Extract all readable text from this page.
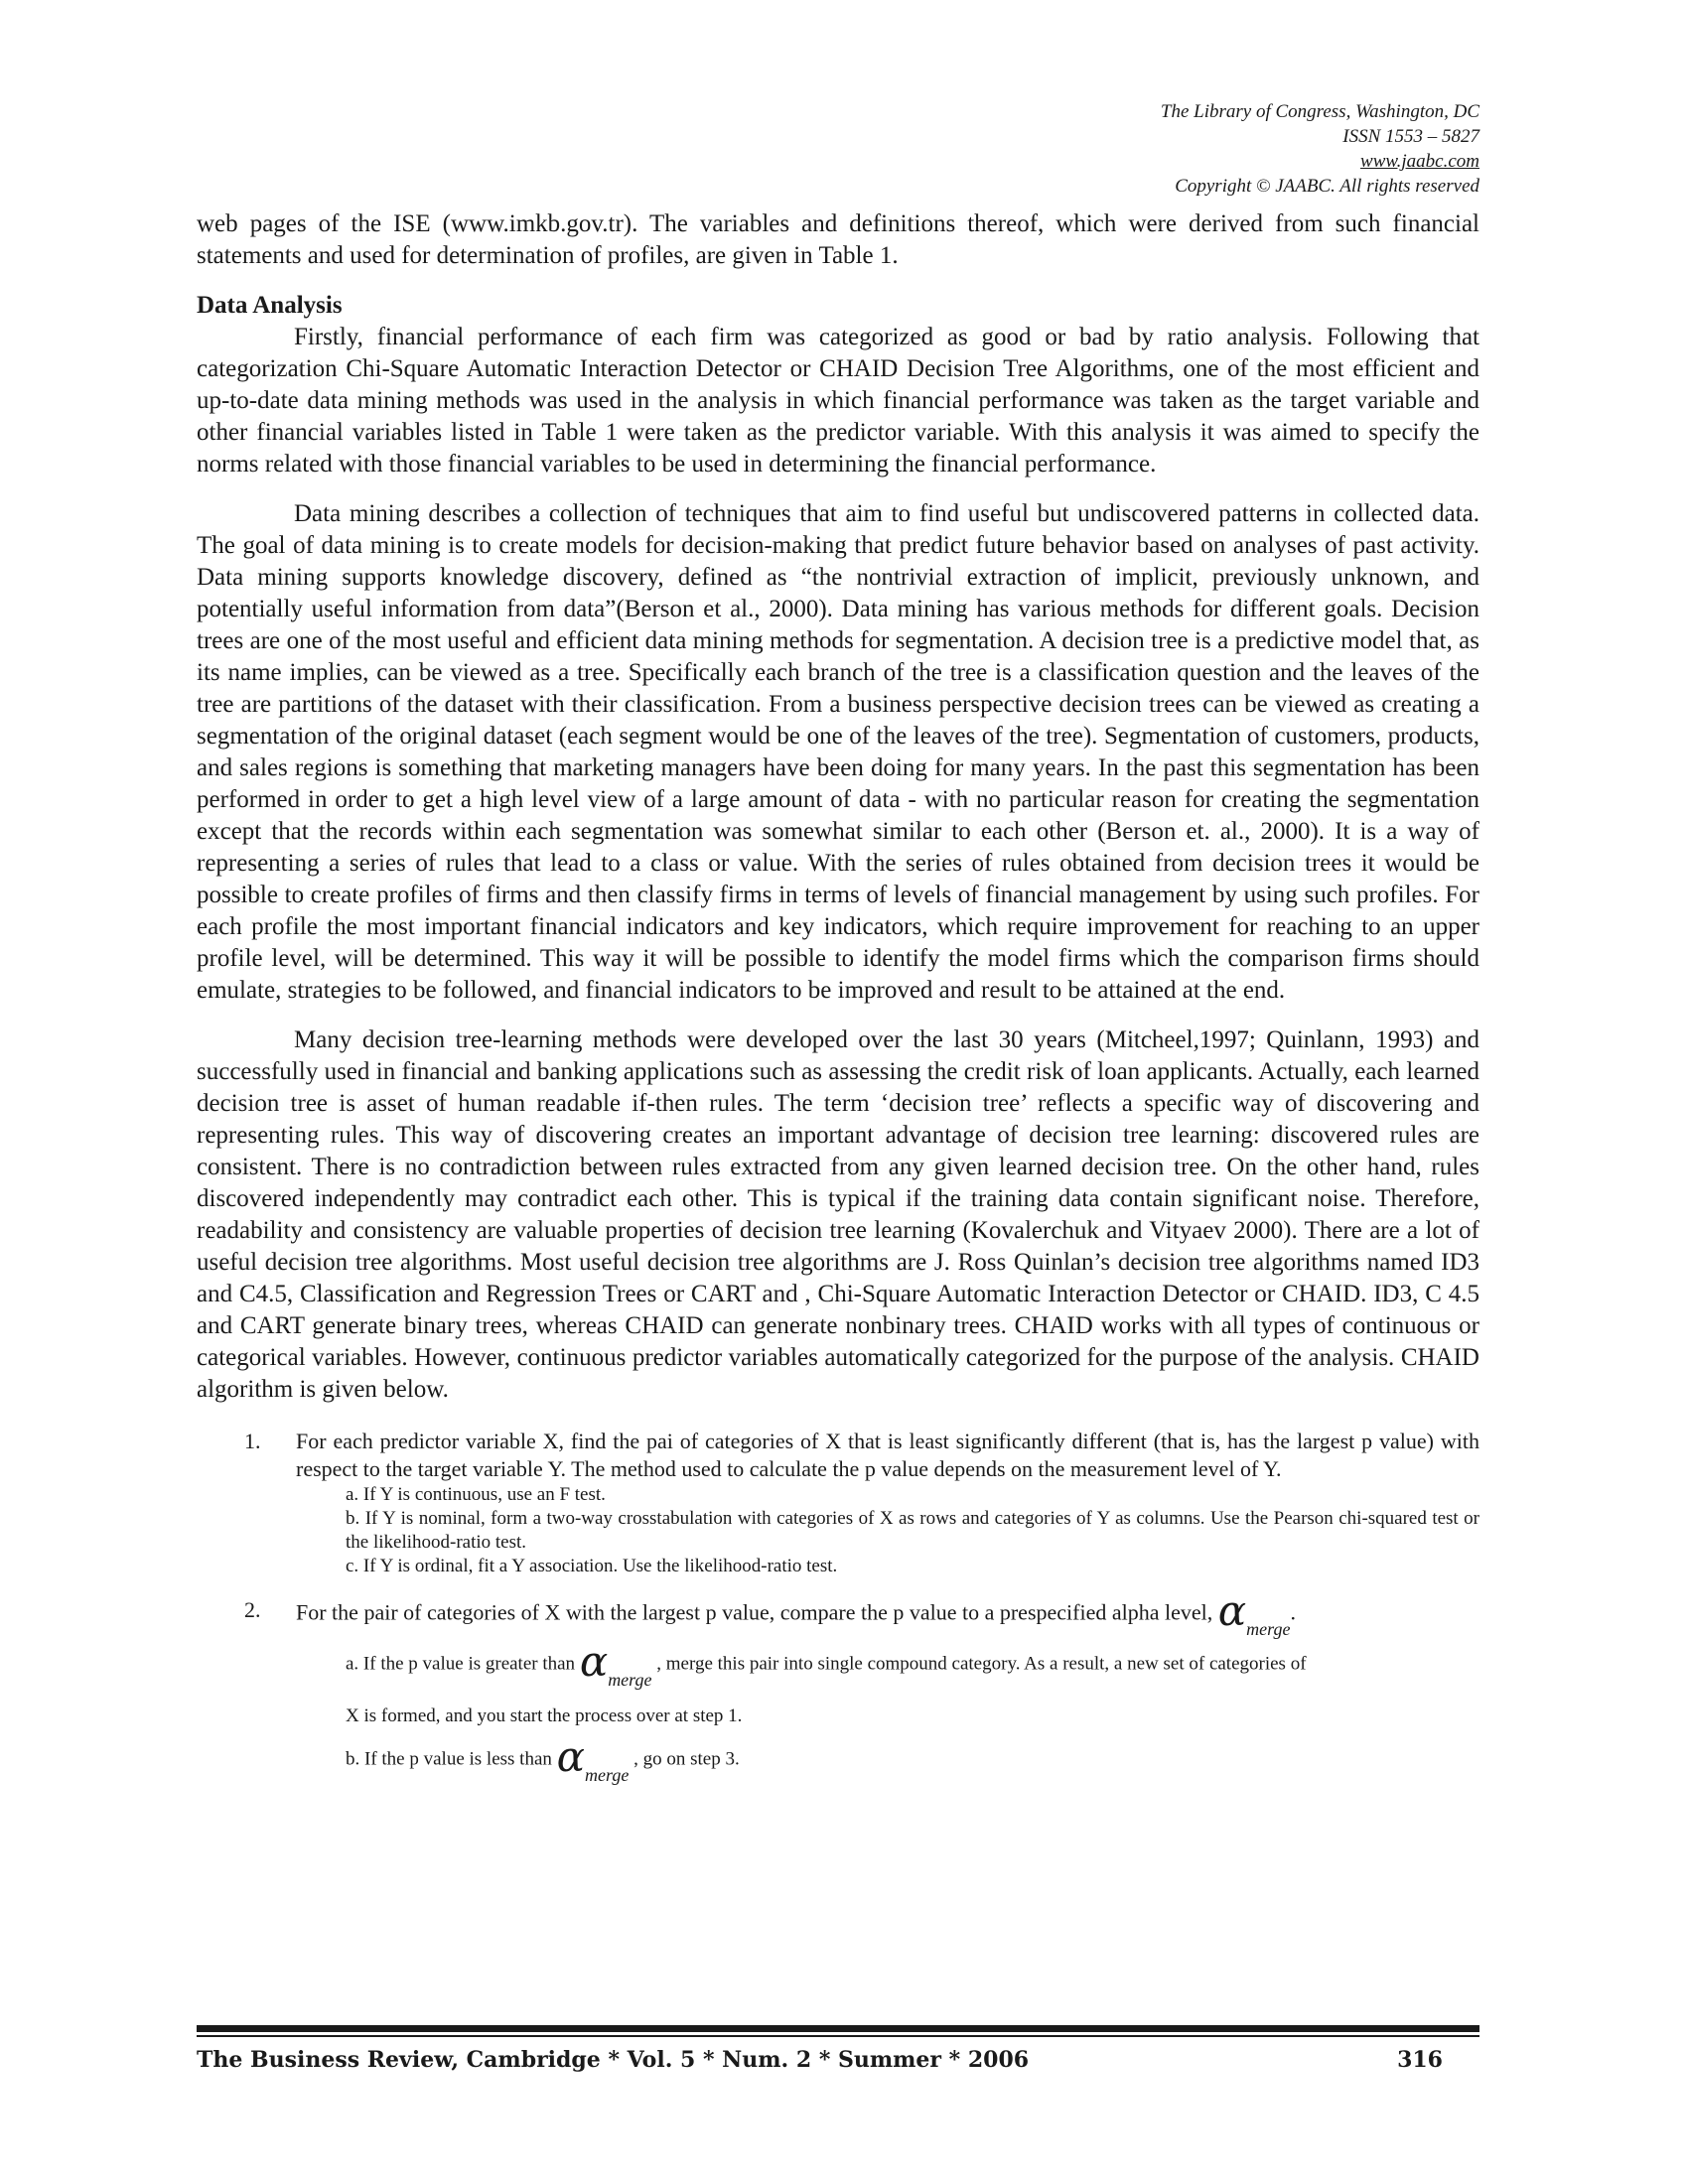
The Library of Congress, Washington, DC
ISSN 1553 – 5827
www.jaabc.com
Copyright © JAABC. All rights reserved

web pages of the ISE (www.imkb.gov.tr). The variables and definitions thereof, which were derived from such financial statements and used for determination of profiles, are given in Table 1.

Data Analysis

Firstly, financial performance of each firm was categorized as good or bad by ratio analysis. Following that categorization Chi-Square Automatic Interaction Detector or CHAID Decision Tree Algorithms, one of the most efficient and up-to-date data mining methods was used in the analysis in which financial performance was taken as the target variable and other financial variables listed in Table 1 were taken as the predictor variable. With this analysis it was aimed to specify the norms related with those financial variables to be used in determining the financial performance.

Data mining describes a collection of techniques that aim to find useful but undiscovered patterns in collected data. The goal of data mining is to create models for decision-making that predict future behavior based on analyses of past activity. Data mining supports knowledge discovery, defined as “the nontrivial extraction of implicit, previously unknown, and potentially useful information from data”(Berson et al., 2000). Data mining has various methods for different goals. Decision trees are one of the most useful and efficient data mining methods for segmentation. A decision tree is a predictive model that, as its name implies, can be viewed as a tree. Specifically each branch of the tree is a classification question and the leaves of the tree are partitions of the dataset with their classification. From a business perspective decision trees can be viewed as creating a segmentation of the original dataset (each segment would be one of the leaves of the tree). Segmentation of customers, products, and sales regions is something that marketing managers have been doing for many years. In the past this segmentation has been performed in order to get a high level view of a large amount of data - with no particular reason for creating the segmentation except that the records within each segmentation was somewhat similar to each other (Berson et. al., 2000). It is a way of representing a series of rules that lead to a class or value. With the series of rules obtained from decision trees it would be possible to create profiles of firms and then classify firms in terms of levels of financial management by using such profiles. For each profile the most important financial indicators and key indicators, which require improvement for reaching to an upper profile level, will be determined. This way it will be possible to identify the model firms which the comparison firms should emulate, strategies to be followed, and financial indicators to be improved and result to be attained at the end.

Many decision tree-learning methods were developed over the last 30 years (Mitcheel,1997; Quinlann, 1993) and successfully used in financial and banking applications such as assessing the credit risk of loan applicants. Actually, each learned decision tree is asset of human readable if-then rules. The term ‘decision tree’ reflects a specific way of discovering and representing rules. This way of discovering creates an important advantage of decision tree learning: discovered rules are consistent. There is no contradiction between rules extracted from any given learned decision tree. On the other hand, rules discovered independently may contradict each other. This is typical if the training data contain significant noise. Therefore, readability and consistency are valuable properties of decision tree learning (Kovalerchuk and Vityaev 2000). There are a lot of useful decision tree algorithms. Most useful decision tree algorithms are J. Ross Quinlan’s decision tree algorithms named ID3 and C4.5, Classification and Regression Trees or CART and , Chi-Square Automatic Interaction Detector or CHAID. ID3, C 4.5 and CART generate binary trees, whereas CHAID can generate nonbinary trees. CHAID works with all types of continuous or categorical variables. However, continuous predictor variables automatically categorized for the purpose of the analysis. CHAID algorithm is given below.

1. For each predictor variable X, find the pai of categories of X that is least significantly different (that is, has the largest p value) with respect to the target variable Y. The method used to calculate the p value depends on the measurement level of Y.
a. If Y is continuous, use an F test.
b. If Y is nominal, form a two-way crosstabulation with categories of X as rows and categories of Y as columns. Use the Pearson chi-squared test or the likelihood-ratio test.
c. If Y is ordinal, fit a Y association. Use the likelihood-ratio test.
2. For the pair of categories of X with the largest p value, compare the p value to a prespecified alpha level, $\alpha_{merge}$.
a. If the p value is greater than αmerge , merge this pair into single compound category. As a result, a new set of categories of
X is formed, and you start the process over at step 1.
b. If the p value is less than αmerge , go on step 3.
The Business Review, Cambridge * Vol. 5 * Num. 2 * Summer * 2006	316
